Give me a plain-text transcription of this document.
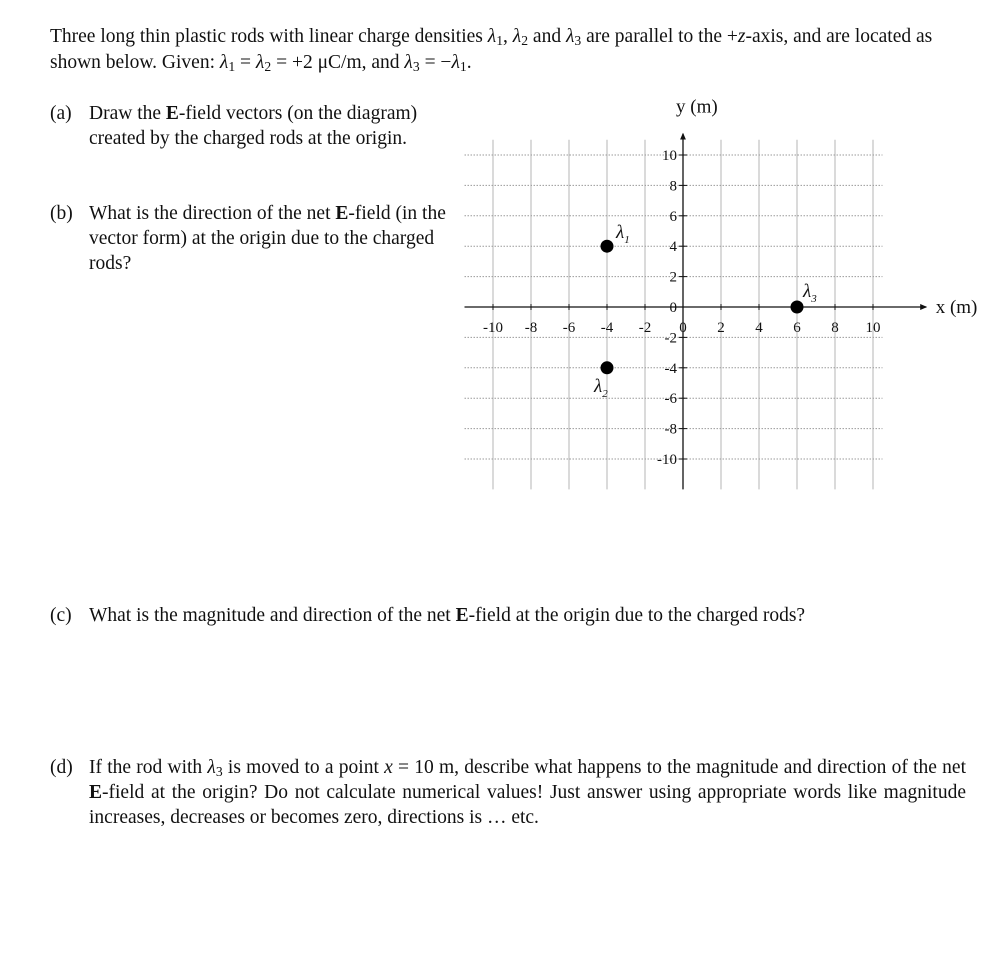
Three long thin plastic rods with linear charge densities $\lambda_1$, $\lambda_2$ and $\lambda_3$ are parallel to the +z-axis, and are located as shown below. Given: $\lambda_1 = \lambda_2 = +2$ μC/m, and $\lambda_3 = -\lambda_1$.
(a) Draw the E-field vectors (on the diagram) created by the charged rods at the origin.
(b) What is the direction of the net E-field (in the vector form) at the origin due to the charged rods?
(c) What is the magnitude and direction of the net E-field at the origin due to the charged rods?
(d) If the rod with $\lambda_3$ is moved to a point x = 10 m, describe what happens to the magnitude and direction of the net E-field at the origin? Do not calculate numerical values! Just answer using appropriate words like magnitude increases, decreases or becomes zero, directions is … etc.
x (m)
y (m)
-10 -8 -6 -4 -2 0 2 4 6 8 10
10
8
6
4
2
0
-2
-4
-6
-8
-10
$\lambda_1$
$\lambda_2$
$\lambda_3$
